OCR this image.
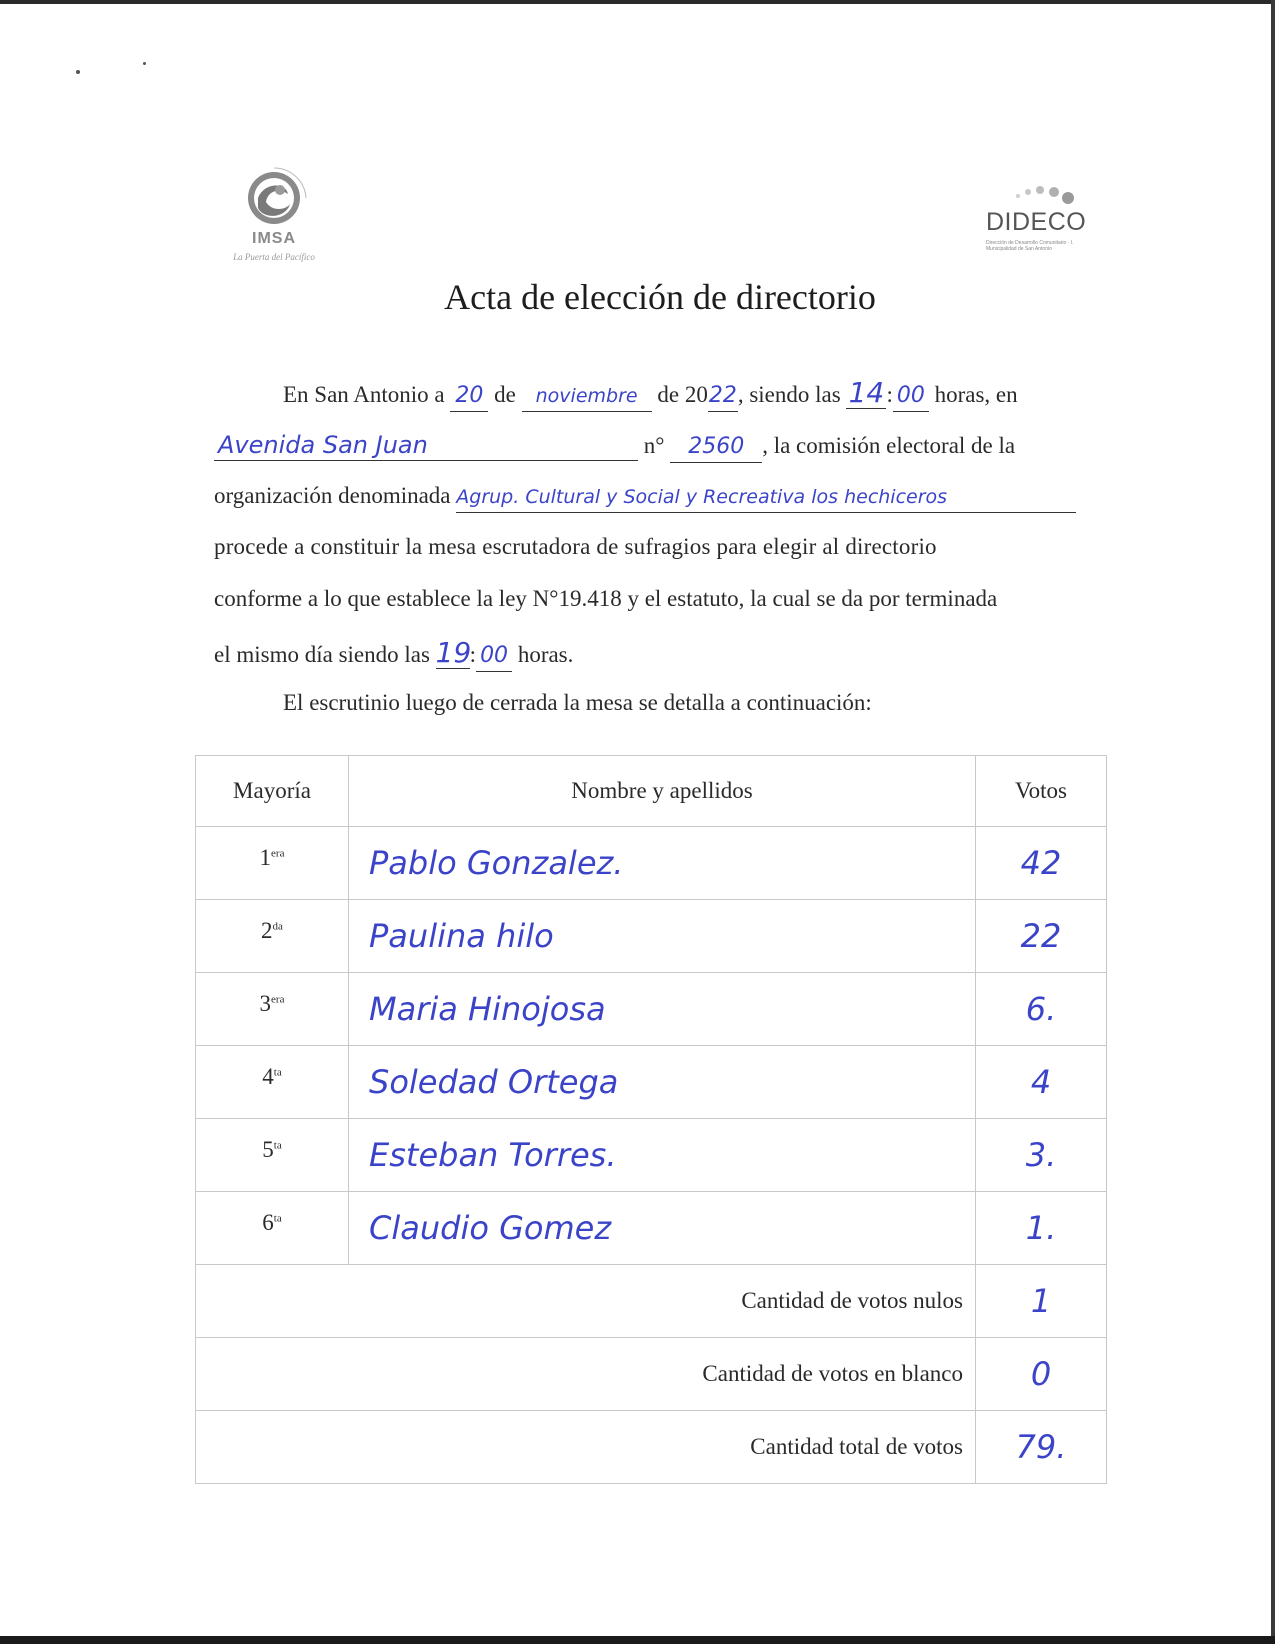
IMSA
La Puerta del Pacífico
DIDECO
Dirección de Desarrollo Comunitario · I. Municipalidad de San Antonio
Acta de elección de directorio
En San Antonio a 20 de noviembre de 2022, siendo las 14: 00 horas, en
Avenida San Juan	n° 2560 , la comisión electoral de la
organización denominada Agrup. Cultural y Social y Recreativa los hechiceros
procede a constituir la mesa escrutadora de sufragios para elegir al directorio
conforme a lo que establece la ley N°19.418 y el estatuto, la cual se da por terminada
el mismo día siendo las 19: 00 horas.
El escrutinio luego de cerrada la mesa se detalla a continuación:
Mayoría	Nombre y apellidos	Votos
$1^{era}$	Pablo Gonzalez.	42
$2^{da}$	Paulina hilo	22
$3^{era}$	Maria Hinojosa	6.
$4^{ta}$	Soledad Ortega	4
$5^{ta}$	Esteban Torres.	3.
$6^{ta}$	Claudio Gomez	1.
Cantidad de votos nulos		1
Cantidad de votos en blanco		0
Cantidad total de votos		79.
